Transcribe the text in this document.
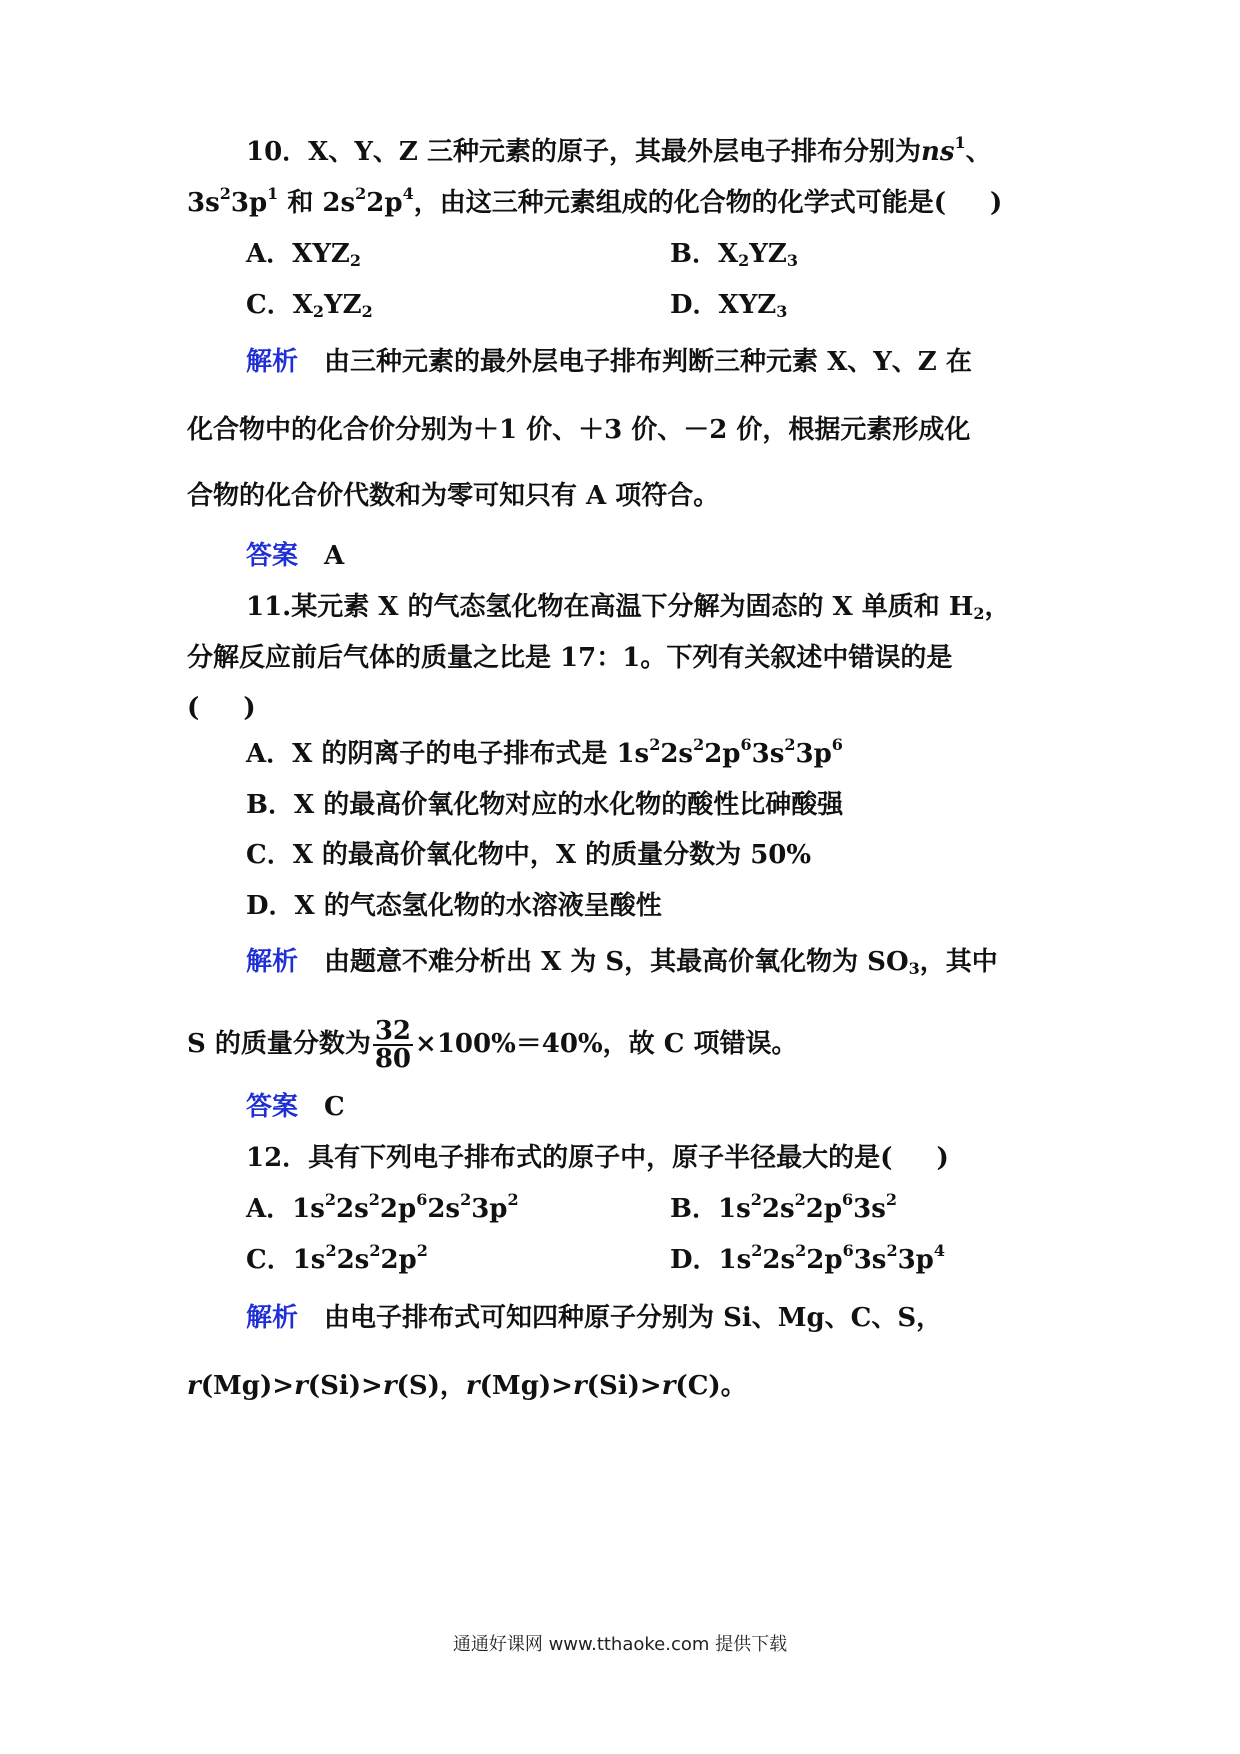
10．X、Y、Z 三种元素的原子，其最外层电子排布分别为$ns^1$、
$3s^23p^1$ 和 $2s^22p^4$，由这三种元素组成的化合物的化学式可能是( )
A．$XYZ_2$	B．$X_2YZ_3$
C．$X_2YZ_2$	D．$XYZ_3$
解析 由三种元素的最外层电子排布判断三种元素 X、Y、Z 在
化合物中的化合价分别为＋1 价、＋3 价、－2 价，根据元素形成化
合物的化合价代数和为零可知只有 A 项符合。
答案 A
11.某元素 X 的气态氢化物在高温下分解为固态的 X 单质和 $H_2$，
分解反应前后气体的质量之比是 17：1。下列有关叙述中错误的是
( )
A．X 的阴离子的电子排布式是 $1s^22s^22p^63s^23p^6$
B．X 的最高价氧化物对应的水化物的酸性比砷酸强
C．X 的最高价氧化物中，X 的质量分数为 50%
D．X 的气态氢化物的水溶液呈酸性
解析 由题意不难分析出 X 为 S，其最高价氧化物为 $SO_3$，其中
S 的质量分数为 $\frac{32}{80} \times 100\%=40\%$，故 C 项错误。
答案 C
12．具有下列电子排布式的原子中，原子半径最大的是( )
A．$1s^22s^22p^62s^23p^2$	B．$1s^22s^22p^63s^2$
C．$1s^22s^22p^2$	D．$1s^22s^22p^63s^23p^4$
解析 由电子排布式可知四种原子分别为 Si、Mg、C、S，
r(Mg)>r(Si)>r(S)，r(Mg)>r(Si)>r(C)。
通通好课网 www.tthaoke.com 提供下载
